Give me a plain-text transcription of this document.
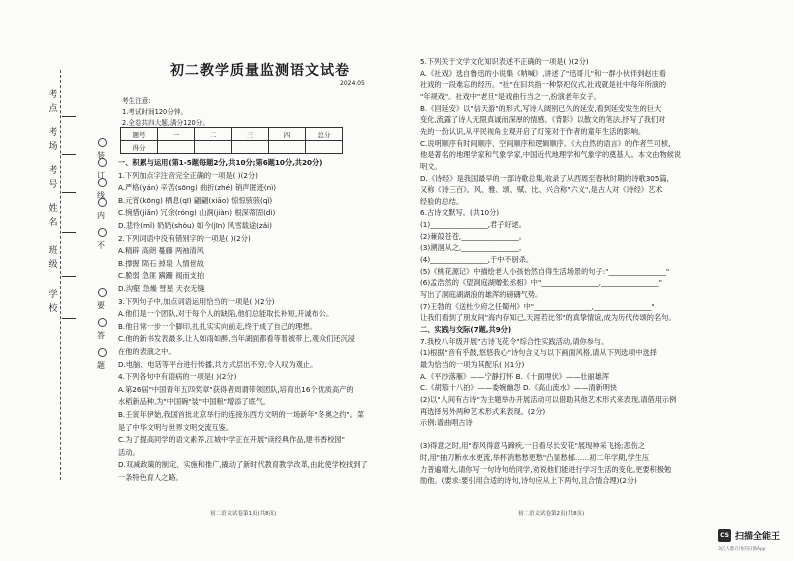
考
点
考
场
考
号
姓
名
班
级
学
校
装
订
线
内
不
要
答
题
初二教学质量监测语文试卷
2024.05
考生注意:
1.考试时间120分钟。
2.全卷共四大题,满分120分。
题号	一	二	三	四	总分
得分					
一、积累与运用(第1-5题每题2分,共10分;第6题10分,共20分)
1.下列加点字注音完全正确的一项是( )(2分)
A.严格(yán) 辛苦(sōng) 曲折(zhé) 销声匿迹(nì)
B.元宵(kōng) 栖息(qī) 翩翩(xiāo) 惊惊骇骇(qǐ)
C.惋惜(jiǎn) 冗余(róng) 山涧(jiàn) 根深蒂固(dì)
D.悲怜(mǐ) 奶奶(shòu) 如今(jīn) 风雪载途(zǎi)
2.下列词语中没有错别字的一项是( )(2分)
A.精辟 高朗 蔓藤 两袖清风
B.撑握 陨石 掉泉 人情世故
C.脆弱 急匪 蹒跚 闻而支拍
D.沟壑 急燥 彗星 天衣无缝
3.下列句子中,加点词语运用恰当的一项是( )(2分)
A.他们是一个团队,对于每个人的缺陷,他们总能取长补短,开诚布公。
B.他日常一步一个脚印,扎扎实实向前走,终于成了自己的理想。
C.他的新书发表最多,让人如雨如醉,当年湖面都看等着被带上,观众们还沉浸
在他的表演之中。
D.电脑、电话等平台进行传播,共方式层出不穷,令人叹为观止。
4.下列各句中有语病的一项是( )(2分)
A.第26届"中国青年五四奖章"获得者周谓带领团队,培育出16个优质高产的
水稻新品种,为"中国碗"装"中国粮"增添了底气。
B.壬寅年伊始,我国首批北京举行的连接东西方文明的一场新年"冬奥之约"。菜
是了中华文明与世界文明交流互鉴。
C.为了提高同学的语文素养,江城中学正在开展"读经典作品,建书香校园"
活动。
D.双减政策的制定、实施和推广,撬动了新时代教育教学改革,由此使学校找到了
一条特色育人之路。
初二语文试卷第1页(共8页)
5.下列关于文学文化知识表述不正确的一项是( )(2分)
A.《社戏》选自鲁迅的小说集《呐喊》,讲述了"迅哥儿"和一群小伙伴到赵庄看
社戏的一段难忘的经历。"社"在旧共指一种祭祀仪式,社戏就是社中每年所演的
"年规戏"。社戏中"老旦"是戏曲行当之一,扮演老年女子。
B.《回延安》以"信天游"的形式,写诗人阔别已久的延安,看到延安发生的巨大
变化,流露了诗人无限真诚而深厚的情感。《背影》以散文的笔法,抒写了我们对
先的一份认识,从平民视角主观开启了灯笼对于作者的童年生活的影响。
C.说明顺序有时间顺序、空间顺序和逻辑顺序。《大自然的语言》的作者竺可桢,
他是著名的地理学家和气象学家,中国近代地理学和气象学的奠基人。本文由物候说
明文。
D.《诗经》是我国最早的一部诗歌总集,收录了从西周至春秋时期的诗歌305篇,
又称《诗三百》。风、雅、颂、赋、比、兴合称"六义",是古人对《诗经》艺术
经验的总结。
6.古诗文默写。(共10分)
(1)________________,君子好逑。
(2)蒹葭苍苍,________________。
(3)溯洄从之,________________。
(4)________________,于中不厨杀。
(5)《桃花源记》中描绘老人小孩怡然自得生活场景的句子:"________________"
(6)孟浩然的《望洞庭湖赠张丞相》中"________________,________________"
写出了洞庭湖湖浪的雄浑的磅礴气势。
(7)王勃的《送杜少府之任蜀州》中"________________,________________"
让我们看到了朋友间"海内存知己,天涯若比邻"的真挚情谊,成为历代传颂的名句。
二、实践与交际(7题,共9分)
7.我校八年级开展"古诗飞花令"综合性实践活动,请你参与。
(1)根据"音有乎鼓,悠悠我心"诗句含义与以下画面风格,请从下列选项中选择
最为恰当的一项为其配乐( )(1分)
A.《平沙落雁》——宁静打怀 B.《十面埋伏》——壮丽雄浑
C.《胡笳十八拍》——委婉幽怨 D.《高山流水》——清新明快
(2)以"人间有古诗"为主题举办开展活动可以借助其他艺术形式来表现,请借用示例
再选择另外两种艺术形式来表现。(2分)
示例:谱曲唱古诗
(3)得意之时,用"春风得意马蹄疾,一日看尽长安花"展现神采飞扬;悲伤之
时,用"抽刀断水水更流,举杯消愁愁更愁"凸显愁郁……初二年学期,学生压
力普遍增大,请你写一句诗句给同学,劝说他们能进行学习生活的变化,更要积极勉
励他。(要求:要引用合适的诗句,诗句应从上下两句,且合情合理)(2分)
初二语文试卷第2页(共8页)
CS 扫描全能王
3亿人都在用的扫描App
